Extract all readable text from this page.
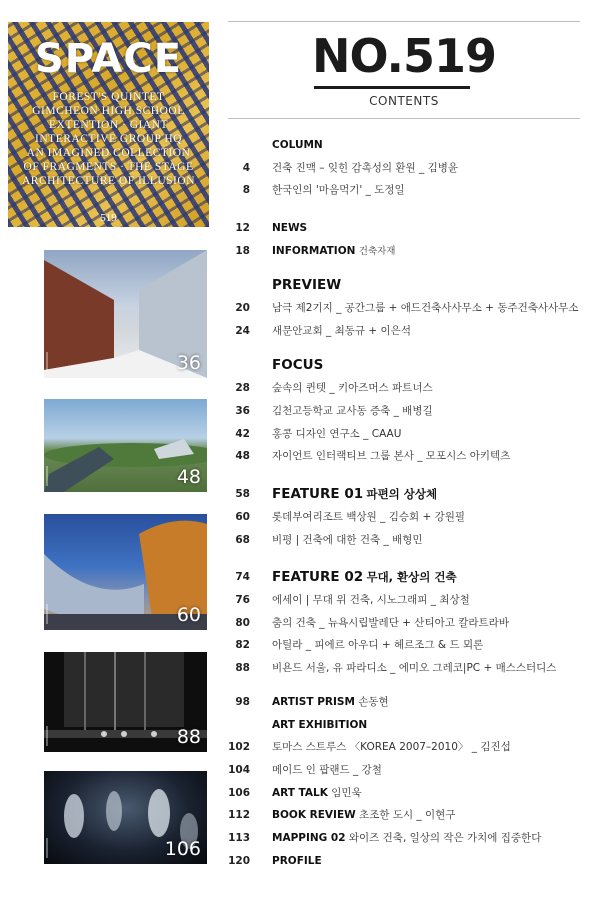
SPACE
FOREST'S QUINTET
GIMCHEON HIGH SCHOOL
EXTENTION · GIANT
INTERACTIVE GROUP HQ
AN IMAGINED COLLECTION
OF FRAGMENTS · THE STAGE
ARCHITECTURE OF ILLUSION
519
36
48
60
88
106
NO.519
CONTENTS
COLUMN
4 건축 진맥 – 잊힌 감촉성의 환원 _ 김병윤
8 한국인의 '마음먹기' _ 도정일
12 NEWS
18 INFORMATION 건축자재
PREVIEW
20 남극 제2기지 _ 공간그룹 + 애드건축사사무소 + 동주건축사사무소
24 새문안교회 _ 최동규 + 이은석
FOCUS
28 숲속의 퀸텟 _ 키아즈머스 파트너스
36 김천고등학교 교사동 증축 _ 배병길
42 홍콩 디자인 연구소 _ CAAU
48 자이언트 인터랙티브 그룹 본사 _ 모포시스 아키텍츠
58 FEATURE 01 파편의 상상체
60 롯데부여리조트 백상원 _ 김승회 + 강원필
68 비평 | 건축에 대한 건축 _ 배형민
74 FEATURE 02 무대, 환상의 건축
76 에세이 | 무대 위 건축, 시노그래피 _ 최상철
80 춤의 건축 _ 뉴욕시립발레단 + 산티아고 칼라트라바
82 아틸라 _ 피에르 아우디 + 헤르조그 & 드 뫼론
88 비욘드 서울, 유 파라디소 _ 에미오 그레코|PC + 매스스터디스
98 ARTIST PRISM 손동현
ART EXHIBITION
102 토마스 스트루스 〈KOREA 2007–2010〉 _ 김진섭
104 메이드 인 팝랜드 _ 강철
106 ART TALK 임민욱
112 BOOK REVIEW 초조한 도시 _ 이현구
113 MAPPING 02 와이즈 건축, 일상의 작은 가치에 집중한다
120 PROFILE
